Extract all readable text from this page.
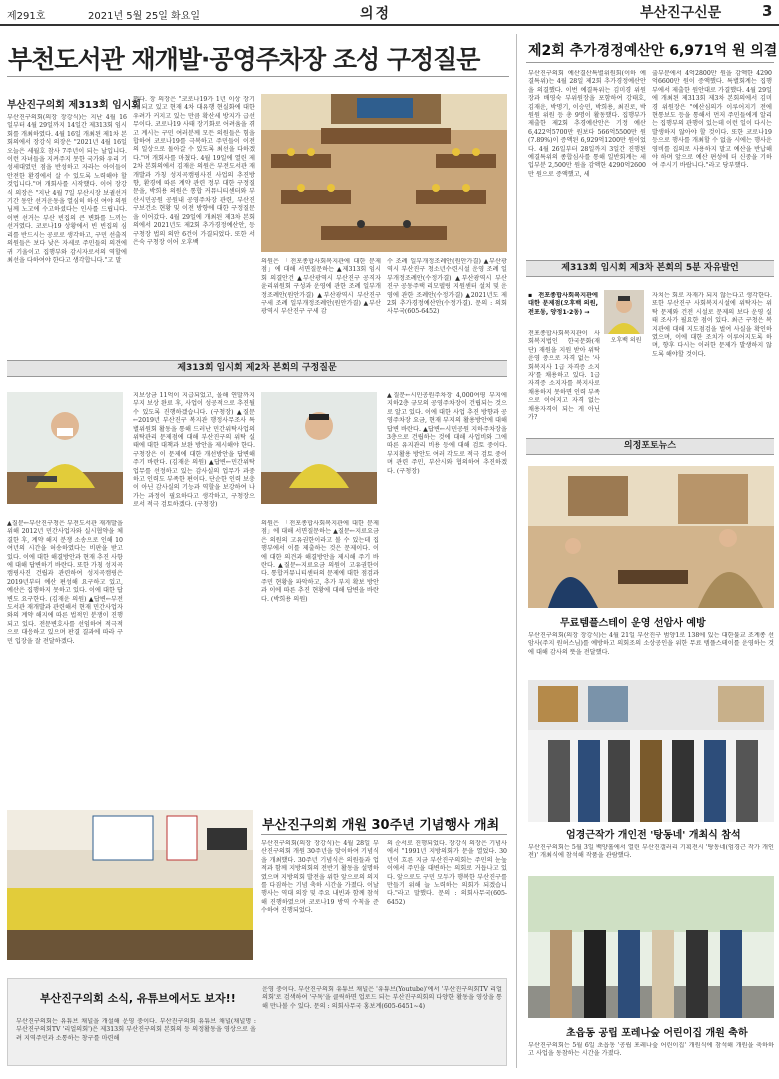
제291호	2021년 5월 25일 화요일	의정	부산진구신문	3
부천도서관 재개발·공영주차장 조성 구정질문
부산진구의회 제313회 임시회
부산진구의회(의장 장강식)는 지난 4월 16일부터 4월 29일까지 14일간 제313회 임시회를 개최하였다. 4월 16일 개최된 제1차 본회의에서 장강식 의장은 "2021년 4월 16일 오늘은 세월호 참사 7주년이 되는 날입니다. 이런 자녀들을 지켜주지 못한 국가와 우리 기성세대였던 점을 반성하고 자라는 아이들이 안전한 환경에서 살 수 있도록 노력해야 할 것입니다."며 개회사를 시작했다. 이어 장강식 의장은 "지난 4월 7일 부산시장 보궐선거 기간 동안 선거운동을 열심히 하신 여야 의원님께 노고에 수고하셨다는 인사를 드립니다. 이번 선거는 부산 빈집의 큰 변화를 느끼는 선거였다. 코로나19 상황에서 빈 빈집의 심리를 반드시는 공로로 생각하고, 구민 선출직 의원들은 보다 낮은 자세로 주민들의 의견에 귀 기울이고 집행부와 감시자로서의 역할에 최선을 다하여야 한다고 생각합니다."고 말
했다. 장 의장은 "코로나19가 1년 이상 장기화 되고 있고 현재 4차 대유행 현실화에 대한 우려가 커지고 있는 만큼 확산세 방지가 급선무이다. 코로나19 사태 장기화로 어려움을 겪고 계시는 구민 여러분께 모든 의원들은 힘을 합하여 코로나19를 극복하고 주민들이 이전의 일상으로 돌아갈 수 있도록 최선을 다하겠다."며 개회사를 마쳤다. 4월 19일에 열린 제2차 본회의에서 김재운 의원은 부전도서관 재개발과 가칭 성지곡캠핑사진 사업의 추진방향, 환경에 따른 계약 관련 정부 대한 구정질문을, 박희용 의원은 통합 커뮤니티센터와 부산시민공원 공원내 공영주차장 관련, 부산진구보건소 현황 및 이전 방향에 대한 구정질문을 이어갔다. 4월 29일에 개최된 제3차 본회의에서 2021년도 제2회 추가경정예산안, 등 구청장 법의 의안 6건이 가결되었다. 또한 서은숙 구청장 이어 오후백
의원은 「전포종합사회복지관에 대한 문제점」에 대해 서면질문하는 ▲제313회 임시회 의결안건 ▲부산광역시 부산진구 공직자윤리위원회 구성과 운영에 관한 조례 일부개정조례안(원안가결) ▲부산광역시 부산진구 구세 조례 일부개정조례안(원안가결) ▲부산광역시 부산진구 구세 감
수 조례 일부개정조례안(원안가결) ▲부산광역시 부산진구 청소년수련시설 운영 조례 일부개정조례안(수정가결) ▲부산광역시 부산진구 공동주택 리모델링 지원센터 설치 및 운영에 관한 조례안(수정가결) ▲2021년도 제2회 추가경정예산안(수정가결). 문의 : 의회사무국(605-6452)
제2회 추가경정예산안 6,971억 원 의결
부산진구의회 예산결산특별위원회(이하 예결특위)는 4월 28일 제2회 추가경정예산안을 의결했다. 이번 예결특위는 김미경 위원장과 배영숙 부위원장을 포함하여 강태호, 김재운, 박명기, 이승민, 박희용, 최진로, 박원원 위원 등 총 9명이 활동했다. 집행부가 제출한 제2회 추경예산안은 기정 예산 6,422억5700만 원보다 566억5500만 원(7.89%)이 증액된 6,929억1200만 원이었다. 4월 26일부터 28일까지 3일간 진행된 예결특위의 종합심사를 통해 일반회계는 세입부분 2,500만 원을 감액한 4290억2600만 원으로 증액했고, 세
출부분에서 4억2800만 원을 감액한 4290억6600만 원이 증액했다. 특별회계는 집행부에서 제출한 원안대로 가결했다. 4월 29일에 개최된 제313회 제3차 본회의에서 김미경 위원장은 "예산심의가 이루어지기 전에 현통보도 등을 통해서 먼저 주민들에게 알리는 집행부의 관행이 있는데 이런 일이 다시는 발생하지 않아야 할 것이다. 또한 코로나19 등으로 행사를 개최할 수 없을 시에는 행사운영비를 집의로 사용하지 말고 예산을 반납해야 하며 앞으로 예산 편성에 더 신중을 기하여 주시기 바랍니다."라고 당부했다.
제313회 임시회 제3차 본회의 5분 자유발언
▪전포종합사회복지관에 대한 문제점(오후백 의원, 전포동, 양정1·2동) →
오후백 의원
전포종합사회복지관이 사회복지법인 한국문화(재단) 재원을 지원 받아 위탁 운영 중으로 자격 없는 '사회복지사 1급 자격증 소지자'를 채용하고 있다. 1급 자격증 소지자를 복지사로 채용하지 못하면 인력 부족으로 이어지고 자격 없는 채용자격이 되는 게 아닌가?
자치는 회로 자재가 되지 않는다고 생각한다. 또한 부산진구 사회복지시설에 위탁자는 위탁 문제와 건전 시설로 문제의 보다 운영 실태 조사가 필요한 점이 있다. 최근 구청은 복지관에 대해 지도점검을 벌여 사실을 확인하였으며, 이에 대한 조치가 이루어지도록 하며, 향후 다시는 이러한 문제가 발생하지 않도록 해야할 것이다.
제313회 임시회 제2차 본회의 구정질문
▲질문←부산진구청은 부전도서관 재개발을 위해 2012년 민간사업자와 실시협약을 체결한 후, 계약 해지 분쟁 소송으로 인해 10여년의 시간을 허송하였다는 비판을 받고 있다. 이에 대한 해결방안과 현재 추진 사항에 대해 답변하기 바란다. 또한 가칭 성지곡캠핑사진 건립과 관련하여 성지곡캠핑은 2019년부터 예산 편성해 요구하고 있고, 예산은 집행하지 못하고 있다. 이에 대한 답변도 요구한다. (김재운 의원) ▲답변←부전도서관 재개발과 관련해서 현재 민간사업자와의 계약 해지에 따른 법적인 분쟁이 진행되고 있다. 전문변호사를 선임하여 적극적으로 대응하고 있으며 판결 결과에 따라 구민 입장을 잘 전달하겠다.
지보상금 11억이 지급되었고, 올해 연말까지 부지 보상 완료 후, 사업이 성공적으로 추진될 수 있도록 진행하겠습니다. (구청장) ▲질문←2019년 부산진구 복지관 행정사무조사 특별위원회 활동을 통해 드러난 민간위탁사업의 위탁관리 문제점에 대해 부산진구의 위탁 실태에 대한 대책과 보완 방안을 제시해야 한다. 구청장은 이 문제에 대한 개선방안을 답변해 주기 바란다. (김재운 의원) ▲답변←민간위탁 업무를 선정하고 있는 감사실의 업무가 과중하고 인력도 부족한 편이다. 단순한 인력 보충이 아닌 감사실의 기능과 역할을 보강하여 나가는 과정이 필요하다고 생각하고, 구청장으로서 적극 검토하겠다. (구청장)
의원은 「전포종합사회복지관에 대한 문제점」에 대해 서면질문하는 ▲질문←지료요금은 의원의 고유권한이라고 볼 수 있는데 집행부에서 이를 제출하는 것은 문제이다. 이에 대한 의견과 해결방안을 제시해 주기 바란다. ▲질문←지료요금 의원이 고유권한이다. 통합커뮤니티센터의 문제에 대한 점검과 주민 현황을 파악하고, 추가 부지 확보 방안과 이에 따른 추진 현황에 대해 답변을 바란다. (박희용 의원)
▲질문←시민공원주차장 4,000여평 부지에 지하2층 규모의 공영주차장이 건립되는 것으로 알고 있다. 이에 대한 사업 추진 방향과 공영주차장 요금, 현재 부지의 활용방안에 대해 답변 바란다. ▲답변←시민공원 지하주차장을 3층으로 건립하는 것에 대해 사업비와 그에 따른 유지관리 비용 등에 대해 검토 중이다. 부지활용 방안도 여러 각도로 적극 검토 중이며 관련 주민, 부산시와 협의하여 추진하겠다. (구청장)
부산진구의회 개원 30주년 기념행사 개최
부산진구의회(의장 장강식)는 4월 28일 부산진구의회 개원 30주년을 맞이하여 기념식을 개최했다. 30주년 기념식은 의원들과 업적과 함께 지방의회의 전반기 활동을 설명하였으며 지방의회 발전을 위한 앞으로의 의지를 다짐하는 기념 축하 시간을 가졌다. 이날 행사는 역대 의장 및 주요 내빈과 함께 참석해 진행하였으며 코로나19 방역 수칙을 준수하여 진행되었다.
의 순서로 진행되었다. 장강식 의장은 기념사에서 "1991년 지방의회가 문을 열었다. 30년이 흐른 지금 부산진구의회는 주민의 눈높이에서 주민을 대변하는 의회로 거듭나고 있다. 앞으로도 구민 모두가 행복한 부산진구를 만들기 위해 늘 노력하는 의회가 되겠습니다."라고 말했다. 문의 : 의회사무국(605-6452)
부산진구의회 소식, 유튜브에서도 보자!!
부산진구의회는 유튜브 채널을 개설해 운영 중이다. 부산진구의회 유튜브 채널(채널명 : 부산진구의회TV '리얼의회')은 제313회 부산진구의회 본회의 등 의정활동을 영상으로 올려 지역주민과 소통하는 창구를 마련해
운영 중이다. 부산진구의회 유튜브 채널은 '유튜브(Youtube)'에서 '부산진구의회TV 리얼의회'로 검색하여 '구독'을 클릭하면 업로드 되는 부산진구의회의 다양한 활동을 영상을 통해 만나볼 수 있다. 문의 : 의회사무국 홍보계(605-6451~4)
의정포토뉴스
무료템플스테이 운영 선암사 예방
부산진구의회(의장 장강식)는 4월 21일 부산진구 범양1로 138에 있는 대한불교 조계종 선암사(주지 원허스님)를 예방하고 의회조의 소상공인을 위한 무료 템플스테이를 운영하는 것에 대해 감사의 뜻을 전달했다.
엄경근작가 개인전 '탕동네' 개최식 참석
부산진구의회는 5월 3일 백양홀에서 열린 부산진갤러리 기획전시 '탕동네(엄경근 작가 개인전)' 개최식에 참석해 작품을 관람했다.
초읍동 공립 포레나숲 어린이집 개원 축하
부산진구의회는 5월 6일 초읍동 '공립 포레나숲 어린이집' 개원식에 참석해 개원을 축하하고 사업을 동참하는 시간을 가졌다.
